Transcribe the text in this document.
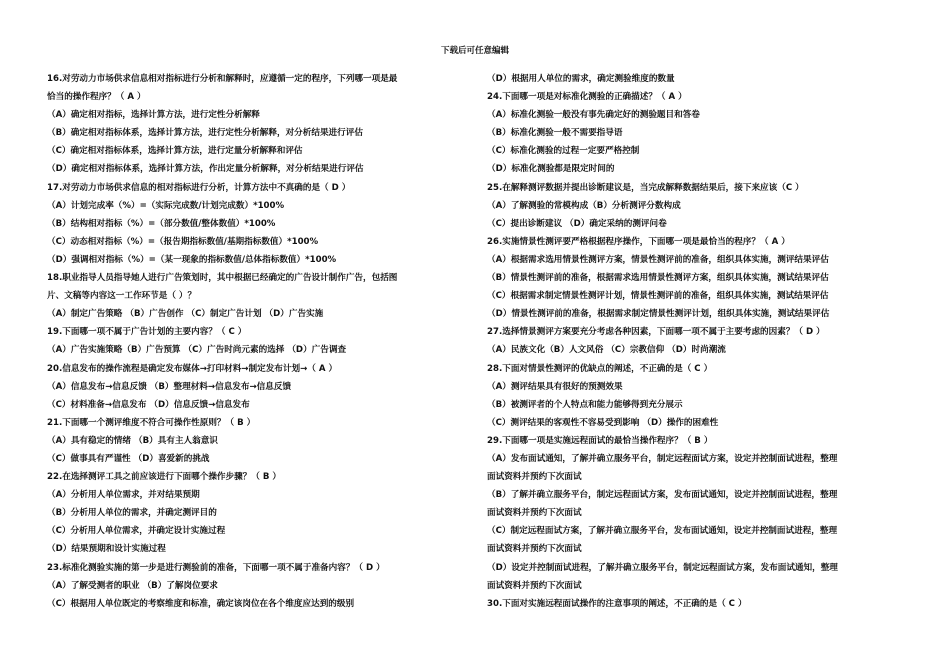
下载后可任意编辑
16.对劳动力市场供求信息相对指标进行分析和解释时，应遵循一定的程序，下列哪一项是最
恰当的操作程序？（ A ）
（A）确定相对指标，选择计算方法，进行定性分析解释
（B）确定相对指标体系，选择计算方法，进行定性分析解释，对分析结果进行评估
（C）确定相对指标体系，选择计算方法，进行定量分析解释和评估
（D）确定相对指标体系，选择计算方法，作出定量分析解释，对分析结果进行评估
17.对劳动力市场供求信息的相对指标进行分析，计算方法中不真确的是（ D ）
（A）计划完成率（%）=（实际完成数/计划完成数）*100%
（B）结构相对指标（%）=（部分数值/整体数值）*100%
（C）动态相对指标（%）=（报告期指标数值/基期指标数值）*100%
（D）强调相对指标（%）=（某一现象的指标数值/总体指标数值）*100%
18.职业指导人员指导她人进行广告策划时，其中根据已经确定的广告设计制作广告，包括图
片、文稿等内容这一工作环节是（ ）？
（A）制定广告策略 （B）广告创作 （C）制定广告计划 （D）广告实施
19.下面哪一项不属于广告计划的主要内容？（ C ）
（A）广告实施策略（B）广告预算 （C）广告时尚元素的选择 （D）广告调查
20.信息发布的操作流程是确定发布媒体→打印材料→制定发布计划→（ A ）
（A）信息发布→信息反馈 （B）整理材料→信息发布→信息反馈
（C）材料准备→信息发布 （D）信息反馈→信息发布
21.下面哪一个测评维度不符合可操作性原则？（ B ）
（A）具有稳定的情绪 （B）具有主人翁意识
（C）做事具有严谨性 （D）喜爱新的挑战
22.在选择测评工具之前应该进行下面哪个操作步骤？（ B ）
（A）分析用人单位需求，并对结果预期
（B）分析用人单位的需求，并确定测评目的
（C）分析用人单位需求，并确定设计实施过程
（D）结果预期和设计实施过程
23.标准化测验实施的第一步是进行测验前的准备，下面哪一项不属于准备内容？（ D ）
（A）了解受测者的职业 （B）了解岗位要求
（C）根据用人单位既定的考察维度和标准，确定该岗位在各个维度应达到的级别
（D）根据用人单位的需求，确定测验维度的数量
24.下面哪一项是对标准化测验的正确描述？（ A ）
（A）标准化测验一般没有事先确定好的测验题目和答卷
（B）标准化测验一般不需要指导语
（C）标准化测验的过程一定要严格控制
（D）标准化测验都是限定时间的
25.在解释测评数据并提出诊断建议是，当完成解释数据结果后，接下来应该（C ）
（A）了解测验的常模构成（B）分析测评分数构成
（C）提出诊断建议 （D）确定采纳的测评问卷
26.实施情景性测评要严格根据程序操作，下面哪一项是最恰当的程序？（ A ）
（A）根据需求选用情景性测评方案，情景性测评前的准备，组织具体实施，测评结果评估
（B）情景性测评前的准备，根据需求选用情景性测评方案，组织具体实施，测试结果评估
（C）根据需求制定情景性测评计划，情景性测评前的准备，组织具体实施，测试结果评估
（D）情景性测评前的准备，根据需求制定情景性测评计划，组织具体实施，测试结果评估
27.选择情景测评方案要充分考虑各种因素，下面哪一项不属于主要考虑的因素？（ D ）
（A）民族文化（B）人文风俗 （C）宗教信仰 （D）时尚潮流
28.下面对情景性测评的优缺点的阐述，不正确的是（ C ）
（A）测评结果具有很好的预测效果
（B）被测评者的个人特点和能力能够得到充分展示
（C）测评结果的客观性不容易受到影响 （D）操作的困难性
29.下面哪一项是实施远程面试的最恰当操作程序？（ B ）
（A）发布面试通知，了解并确立服务平台，制定远程面试方案，设定并控制面试进程，整理
面试资料并预约下次面试
（B）了解并确立服务平台，制定远程面试方案，发布面试通知，设定并控制面试进程，整理
面试资料并预约下次面试
（C）制定远程面试方案，了解并确立服务平台，发布面试通知，设定并控制面试进程，整理
面试资料并预约下次面试
（D）设定并控制面试进程，了解并确立服务平台，制定远程面试方案，发布面试通知，整理
面试资料并预约下次面试
30.下面对实施远程面试操作的注意事项的阐述，不正确的是（ C ）
